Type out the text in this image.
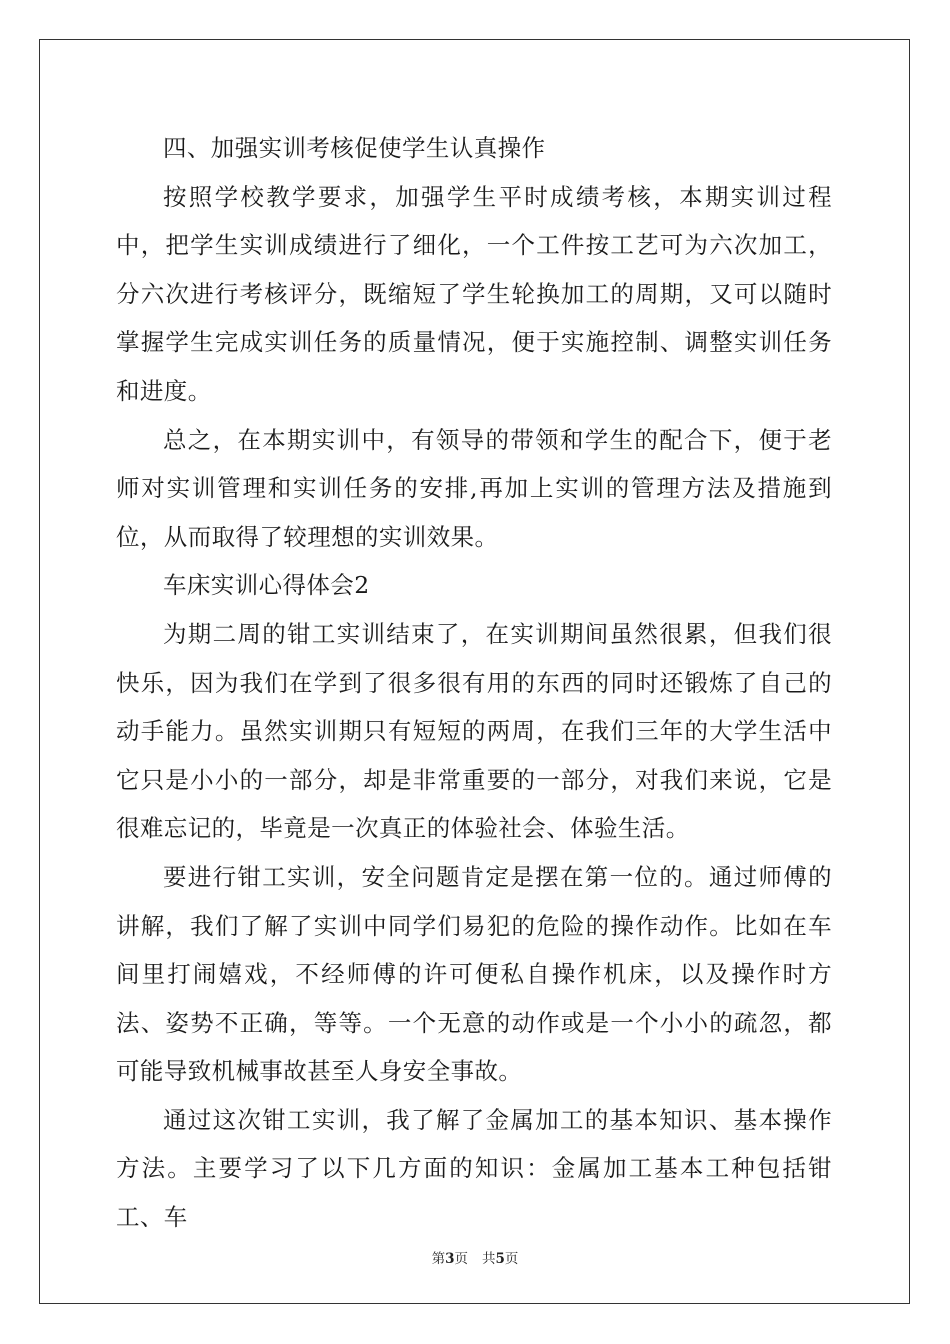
四、加强实训考核促使学生认真操作

按照学校教学要求，加强学生平时成绩考核，本期实训过程中，把学生实训成绩进行了细化，一个工件按工艺可为六次加工，分六次进行考核评分，既缩短了学生轮换加工的周期，又可以随时掌握学生完成实训任务的质量情况，便于实施控制、调整实训任务和进度。

总之，在本期实训中，有领导的带领和学生的配合下，便于老师对实训管理和实训任务的安排,再加上实训的管理方法及措施到位，从而取得了较理想的实训效果。

车床实训心得体会2

为期二周的钳工实训结束了，在实训期间虽然很累，但我们很快乐，因为我们在学到了很多很有用的东西的同时还锻炼了自己的动手能力。虽然实训期只有短短的两周，在我们三年的大学生活中它只是小小的一部分，却是非常重要的一部分，对我们来说，它是很难忘记的，毕竟是一次真正的体验社会、体验生活。

要进行钳工实训，安全问题肯定是摆在第一位的。通过师傅的讲解，我们了解了实训中同学们易犯的危险的操作动作。比如在车间里打闹嬉戏，不经师傅的许可便私自操作机床，以及操作时方法、姿势不正确，等等。一个无意的动作或是一个小小的疏忽，都可能导致机械事故甚至人身安全事故。

通过这次钳工实训，我了解了金属加工的基本知识、基本操作方法。主要学习了以下几方面的知识：金属加工基本工种包括钳工、车

第3页 共5页
